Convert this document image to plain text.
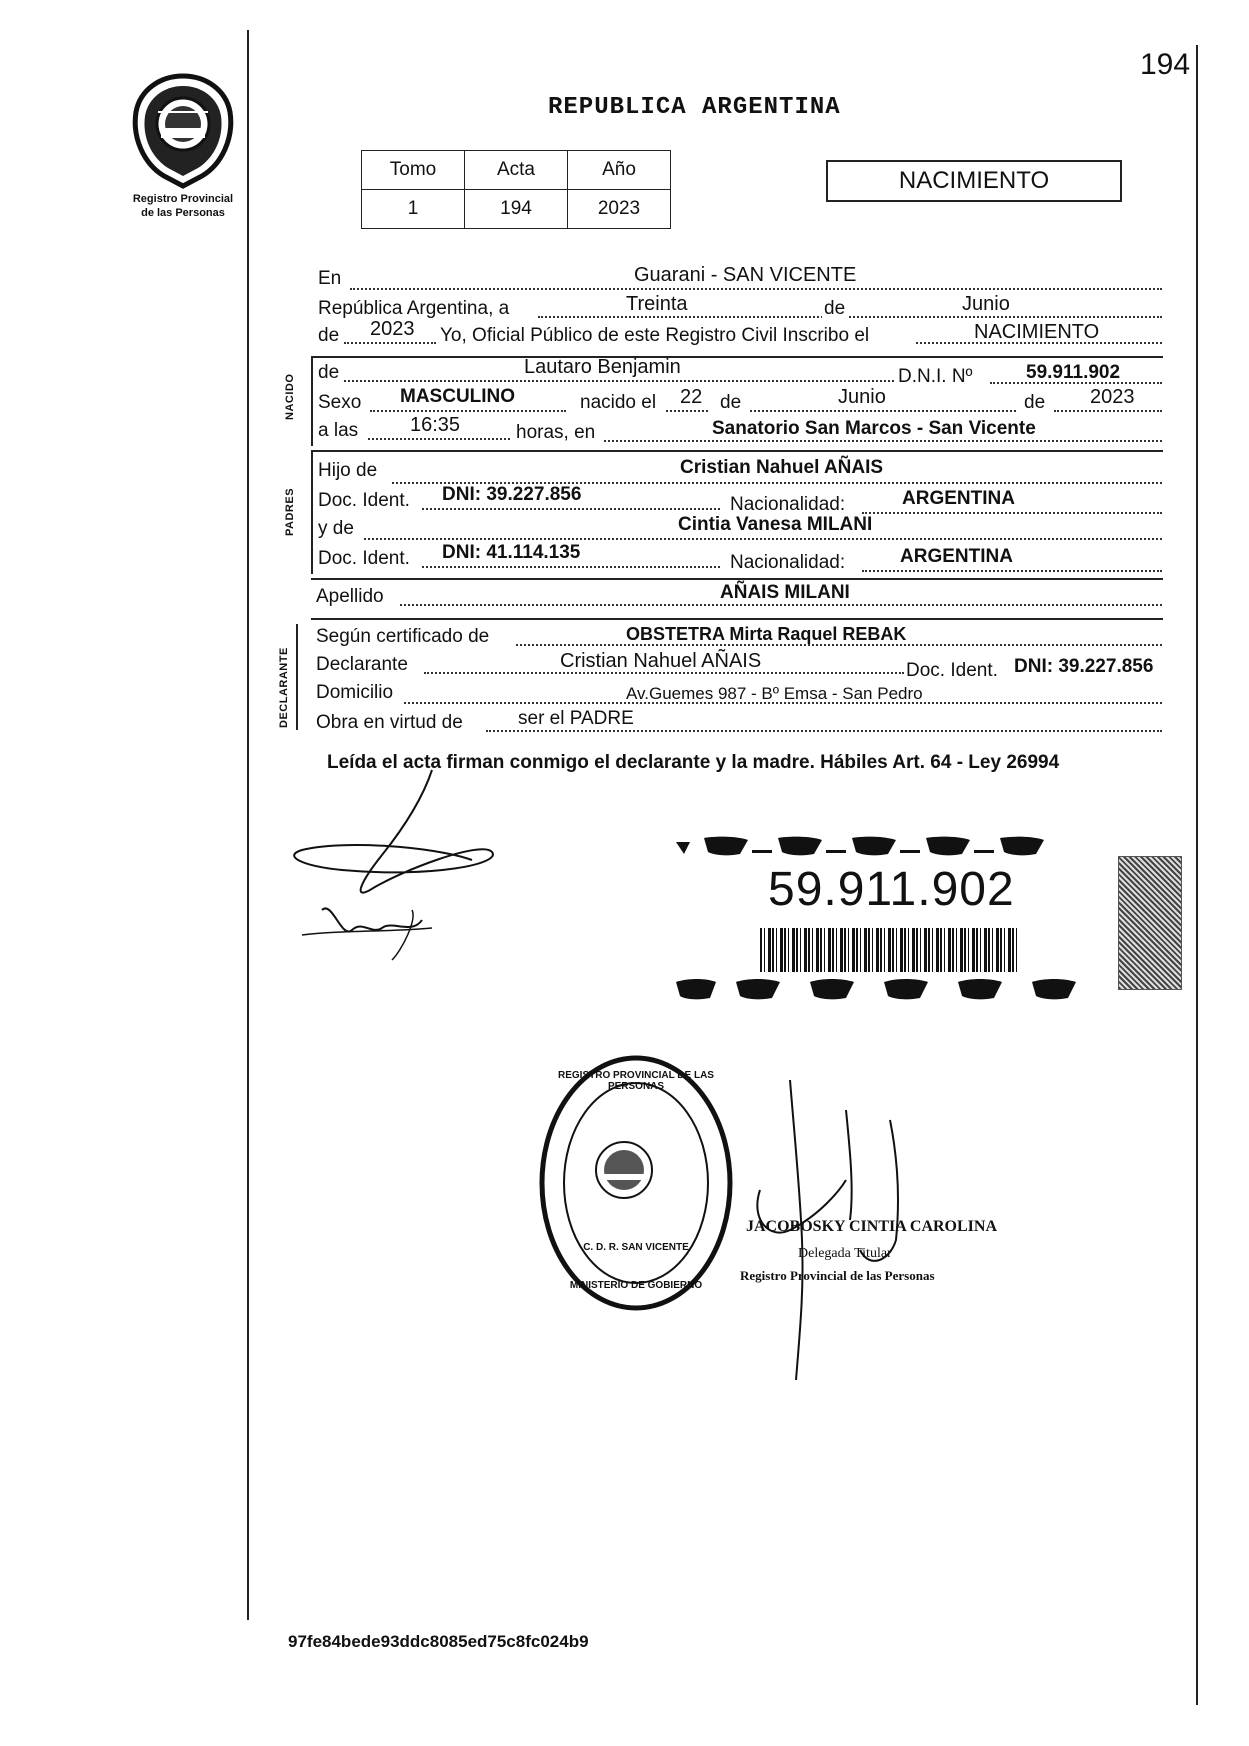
194
Registro Provincial
de las Personas
REPUBLICA ARGENTINA
Tomo	Acta	Año
1	194	2023
NACIMIENTO
En	Guarani - SAN VICENTE
República Argentina, a	Treinta	de	Junio
de 2023 Yo, Oficial Público de este Registro Civil Inscribo el	NACIMIENTO
NACIDO
de	Lautaro Benjamin	D.N.I. Nº	59.911.902
Sexo MASCULINO	nacido el 22 de	Junio	de 2023
a las	16:35	horas, en	Sanatorio San Marcos - San Vicente
PADRES
Hijo de	Cristian Nahuel AÑAIS
Doc. Ident. DNI: 39.227.856	Nacionalidad:	ARGENTINA
y de	Cintia Vanesa MILANI
Doc. Ident. DNI: 41.114.135	Nacionalidad:	ARGENTINA
Apellido	AÑAIS MILANI
DECLARANTE
Según certificado de	OBSTETRA Mirta Raquel REBAK
Declarante	Cristian Nahuel AÑAIS	Doc. Ident. DNI: 39.227.856
Domicilio	Av.Guemes 987 - Bº Emsa - San Pedro
Obra en virtud de	ser el PADRE
Leída el acta firman conmigo el declarante y la madre. Hábiles Art. 64 - Ley 26994
59.911.902
REGISTRO PROVINCIAL DE LAS PERSONAS
C. D. R. SAN VICENTE
MINISTERIO DE GOBIERNO
JACOBOSKY CINTIA CAROLINA
Delegada Titular
Registro Provincial de las Personas
97fe84bede93ddc8085ed75c8fc024b9
